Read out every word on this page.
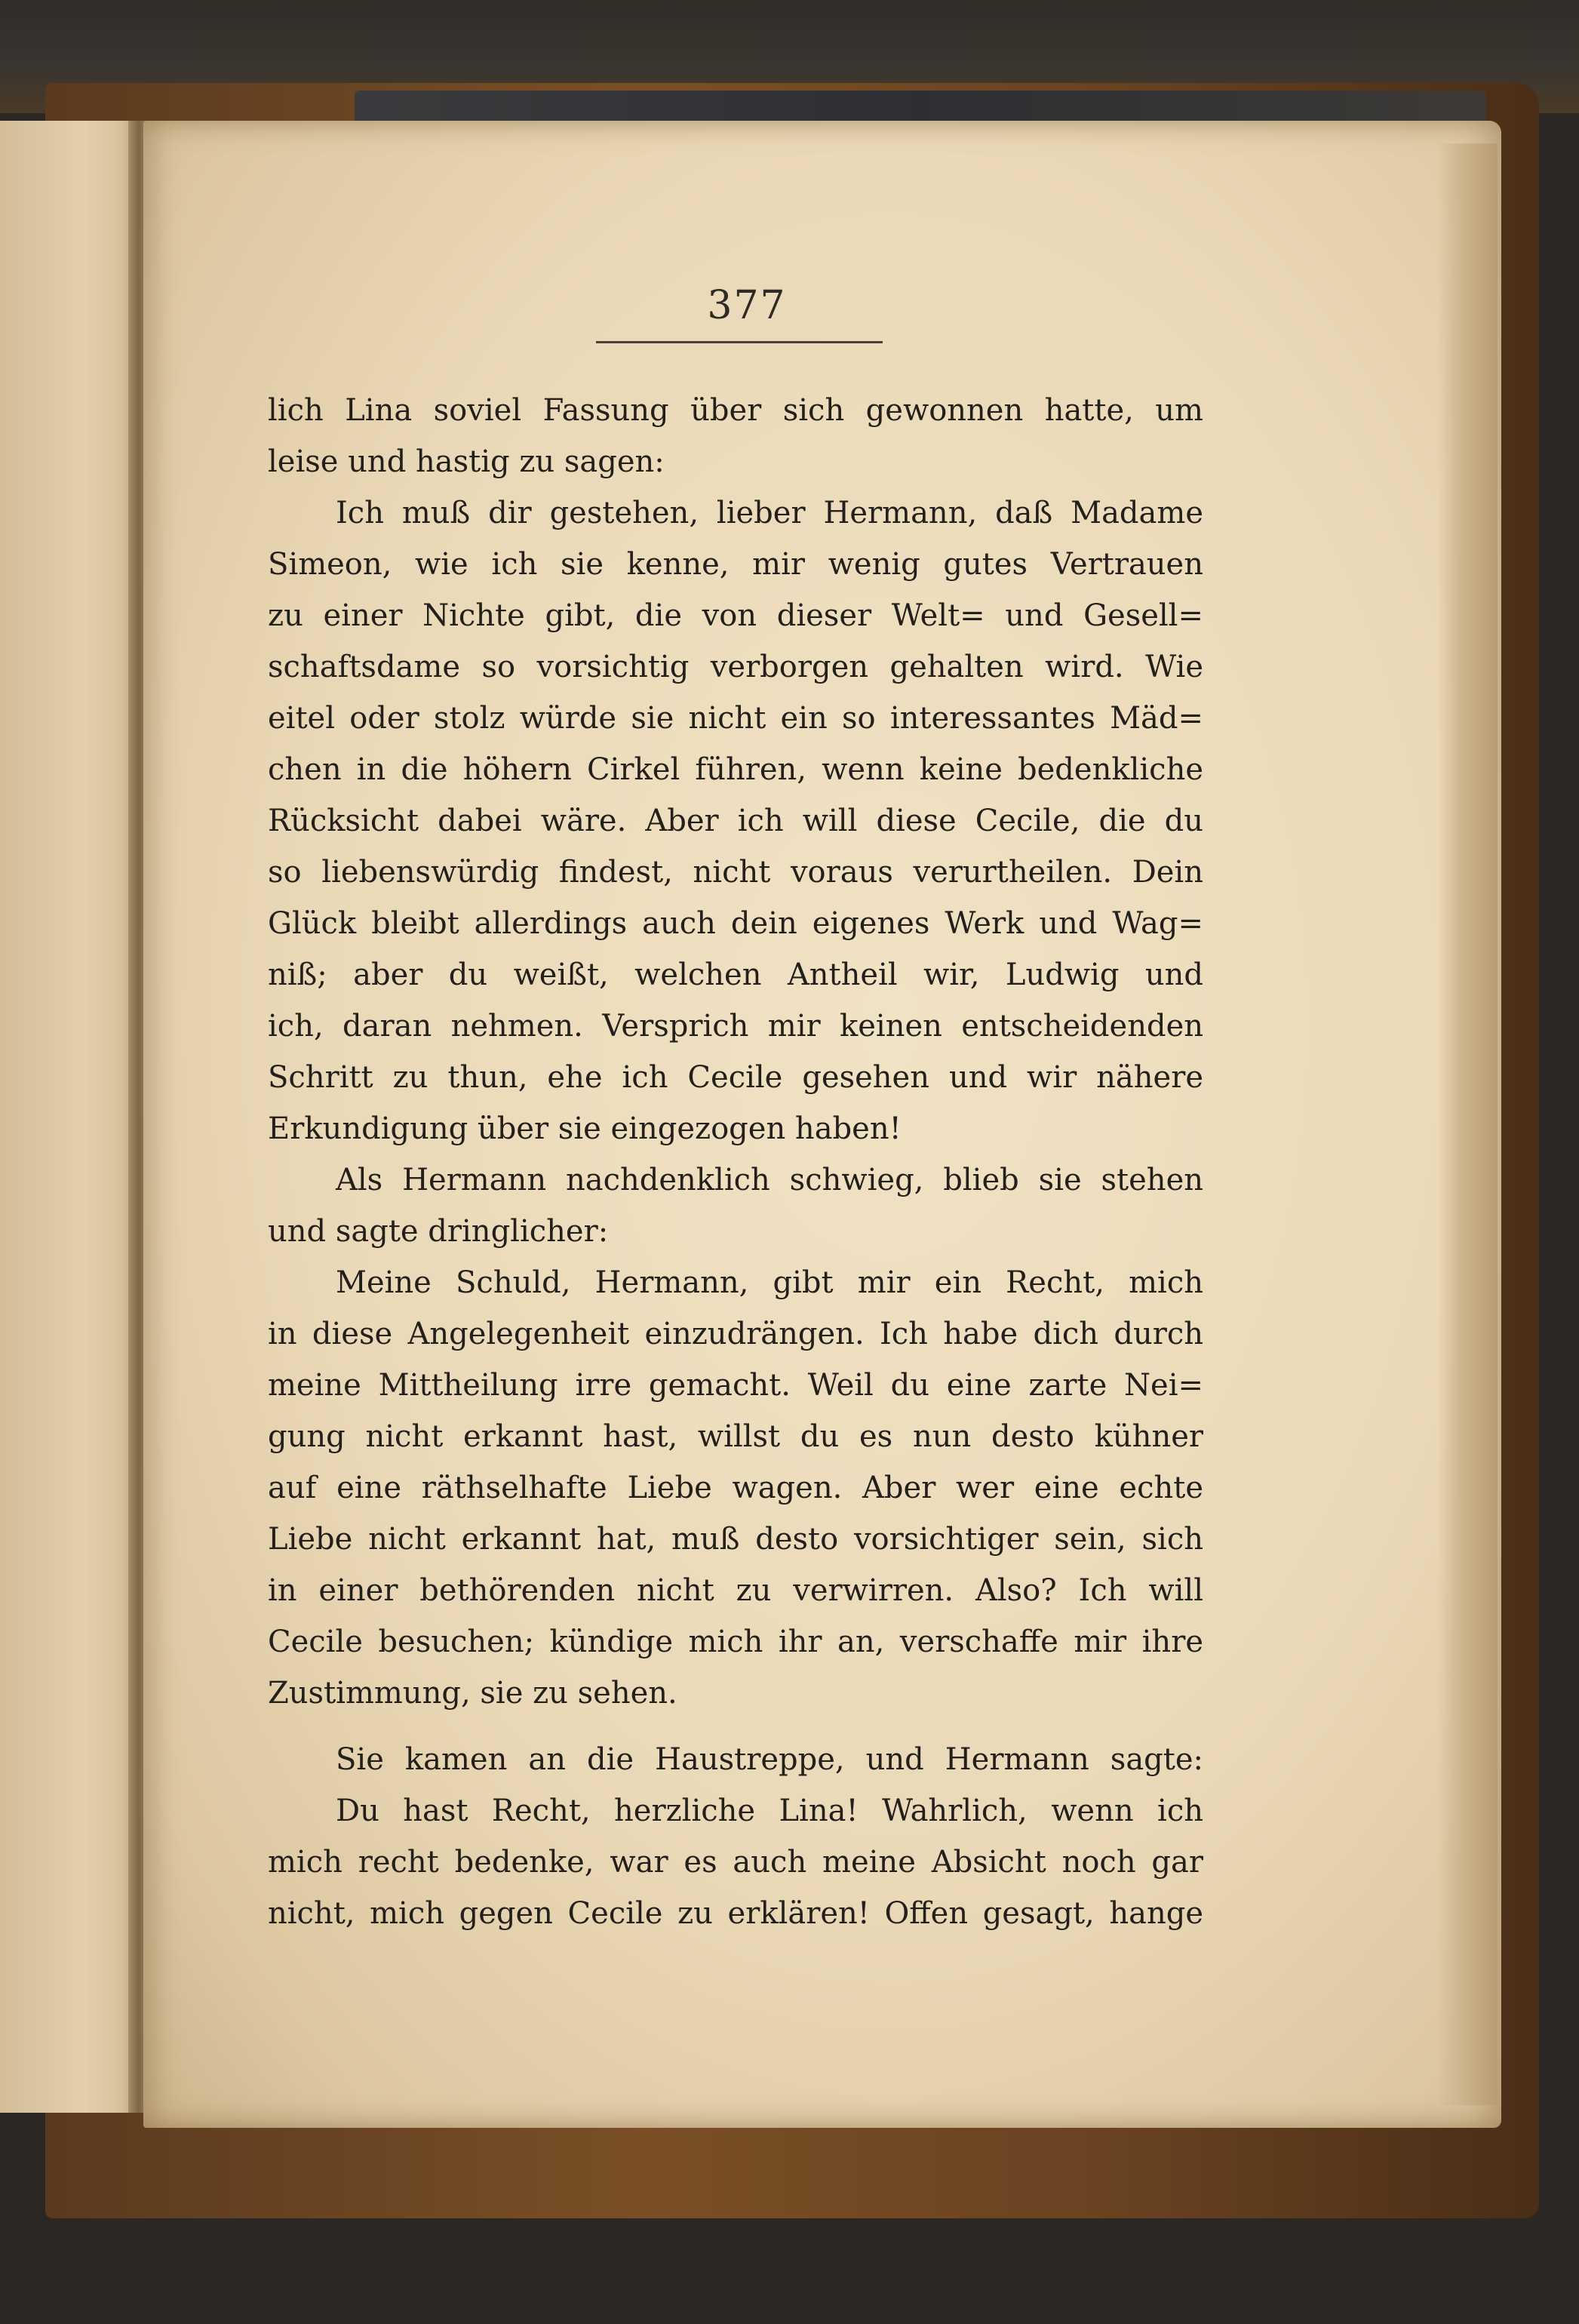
377
lich Lina soviel Fassung über sich gewonnen hatte, um
leise und hastig zu sagen:
Ich muß dir gestehen, lieber Hermann, daß Madame
Simeon, wie ich sie kenne, mir wenig gutes Vertrauen
zu einer Nichte gibt, die von dieser Welt= und Gesell=
schaftsdame so vorsichtig verborgen gehalten wird. Wie
eitel oder stolz würde sie nicht ein so interessantes Mäd=
chen in die höhern Cirkel führen, wenn keine bedenkliche
Rücksicht dabei wäre. Aber ich will diese Cecile, die du
so liebenswürdig findest, nicht voraus verurtheilen. Dein
Glück bleibt allerdings auch dein eigenes Werk und Wag=
niß; aber du weißt, welchen Antheil wir, Ludwig und
ich, daran nehmen. Versprich mir keinen entscheidenden
Schritt zu thun, ehe ich Cecile gesehen und wir nähere
Erkundigung über sie eingezogen haben!
Als Hermann nachdenklich schwieg, blieb sie stehen
und sagte dringlicher:
Meine Schuld, Hermann, gibt mir ein Recht, mich
in diese Angelegenheit einzudrängen. Ich habe dich durch
meine Mittheilung irre gemacht. Weil du eine zarte Nei=
gung nicht erkannt hast, willst du es nun desto kühner
auf eine räthselhafte Liebe wagen. Aber wer eine echte
Liebe nicht erkannt hat, muß desto vorsichtiger sein, sich
in einer bethörenden nicht zu verwirren. Also? Ich will
Cecile besuchen; kündige mich ihr an, verschaffe mir ihre
Zustimmung, sie zu sehen.
Sie kamen an die Haustreppe, und Hermann sagte:
Du hast Recht, herzliche Lina! Wahrlich, wenn ich
mich recht bedenke, war es auch meine Absicht noch gar
nicht, mich gegen Cecile zu erklären! Offen gesagt, hange
